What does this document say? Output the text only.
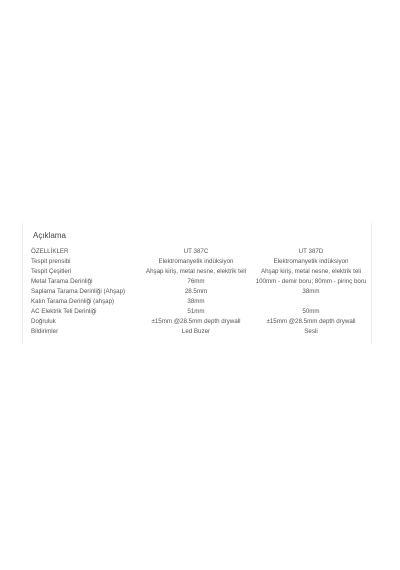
Açıklama
ÖZELLİKLER	UT 387C	UT 387D
Tespit prensibi	Elektromanyetik indüksiyon	Elektromanyetik indüksiyon
Tespit Çeşitleri	Ahşap kiriş, metal nesne, elektrik teli	Ahşap kiriş, metal nesne, elektrik teli
Metal Tarama Derinliği	76mm	100mm - demir boru; 80mm - pirinç boru
Saplama Tarama Derinliği (Ahşap)	28.5mm	38mm
Kalın Tarama Derinliği (ahşap)	38mm	
AC Elektrik Teli Derinliği	51mm	50mm
Doğruluk	±15mm @28.5mm depth drywall	±15mm @28.5mm depth drywall
Bildirimler	Led Buzer	Sesli
